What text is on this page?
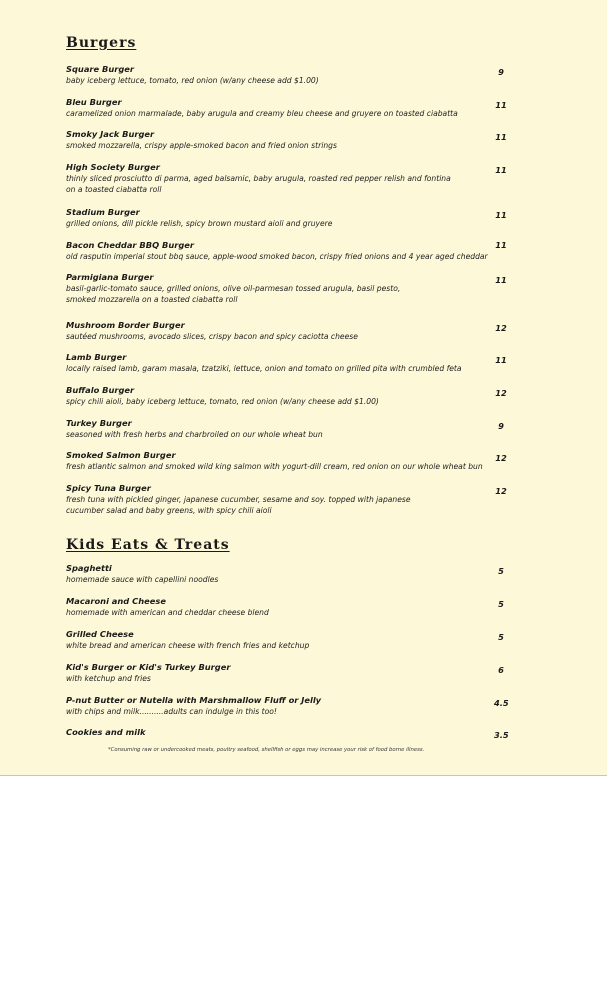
Burgers
Square Burger
baby iceberg lettuce, tomato, red onion (w/any cheese add $1.00)
9
Bleu Burger
caramelized onion marmalade, baby arugula and creamy bleu cheese and gruyere on toasted ciabatta
11
Smoky Jack Burger
smoked mozzarella, crispy apple-smoked bacon and fried onion strings
11
High Society Burger
thinly sliced prosciutto di parma, aged balsamic, baby arugula, roasted red pepper relish and fontina
on a toasted ciabatta roll
11
Stadium Burger
grilled onions, dill pickle relish, spicy brown mustard aioli and gruyere
11
Bacon Cheddar BBQ Burger
old rasputin imperial stout bbq sauce, apple-wood smoked bacon, crispy fried onions and 4 year aged cheddar
11
Parmigiana Burger
basil-garlic-tomato sauce, grilled onions, olive oil-parmesan tossed arugula, basil pesto,
smoked mozzarella on a toasted ciabatta roll
11
Mushroom Border Burger
sautéed mushrooms, avocado slices, crispy bacon and spicy caciotta cheese
12
Lamb Burger
locally raised lamb, garam masala, tzatziki, lettuce, onion and tomato on grilled pita with crumbled feta
11
Buffalo Burger
spicy chili aioli, baby iceberg lettuce, tomato, red onion (w/any cheese add $1.00)
12
Turkey Burger
seasoned with fresh herbs and charbroiled on our whole wheat bun
9
Smoked Salmon Burger
fresh atlantic salmon and smoked wild king salmon with yogurt-dill cream, red onion on our whole wheat bun
12
Spicy Tuna Burger
fresh tuna with pickled ginger, japanese cucumber, sesame and soy. topped with japanese
cucumber salad and baby greens, with spicy chili aioli
12
Kids Eats & Treats
Spaghetti
homemade sauce with capellini noodles
5
Macaroni and Cheese
homemade with american and cheddar cheese blend
5
Grilled Cheese
white bread and american cheese with french fries and ketchup
5
Kid's Burger or Kid's Turkey Burger
with ketchup and fries
6
P-nut Butter or Nutella with Marshmallow Fluff or Jelly
with chips and milk..........adults can indulge in this too!
4.5
Cookies and milk	3.5
*Consuming raw or undercooked meats, poultry seafood, shellfish or eggs may increase your risk of food borne illness.
